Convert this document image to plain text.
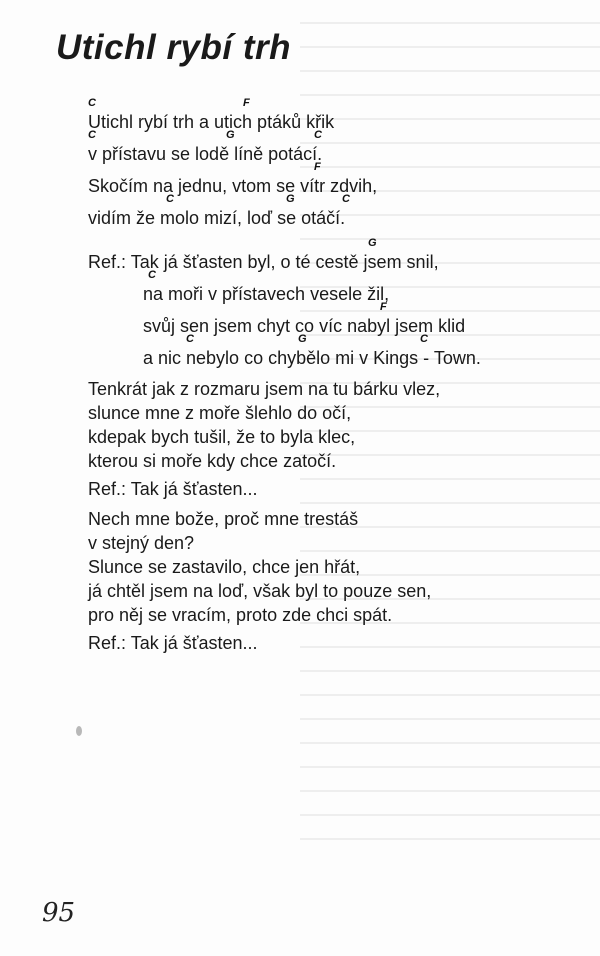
Utichl rybí trh
C	F
Utichl rybí trh a utich ptáků křik
C	G	C
v přístavu se lodě líně potácí.
F
Skočím na jednu, vtom se vítr zdvih,
C	G	C
vidím že molo mizí, loď se otáčí.
G
Ref.: Tak já šťasten byl, o té cestě jsem snil,
C
na moři v přístavech vesele žil,
F
svůj sen jsem chyt co víc nabyl jsem klid
C	G	C
a nic nebylo co chybělo mi v Kings - Town.
Tenkrát jak z rozmaru jsem na tu bárku vlez,
slunce mne z moře šlehlo do očí,
kdepak bych tušil, že to byla klec,
kterou si moře kdy chce zatočí.
Ref.: Tak já šťasten...
Nech mne bože, proč mne trestáš
v stejný den?
Slunce se zastavilo, chce jen hřát,
já chtěl jsem na loď, však byl to pouze sen,
pro něj se vracím, proto zde chci spát.
Ref.: Tak já šťasten...
95
